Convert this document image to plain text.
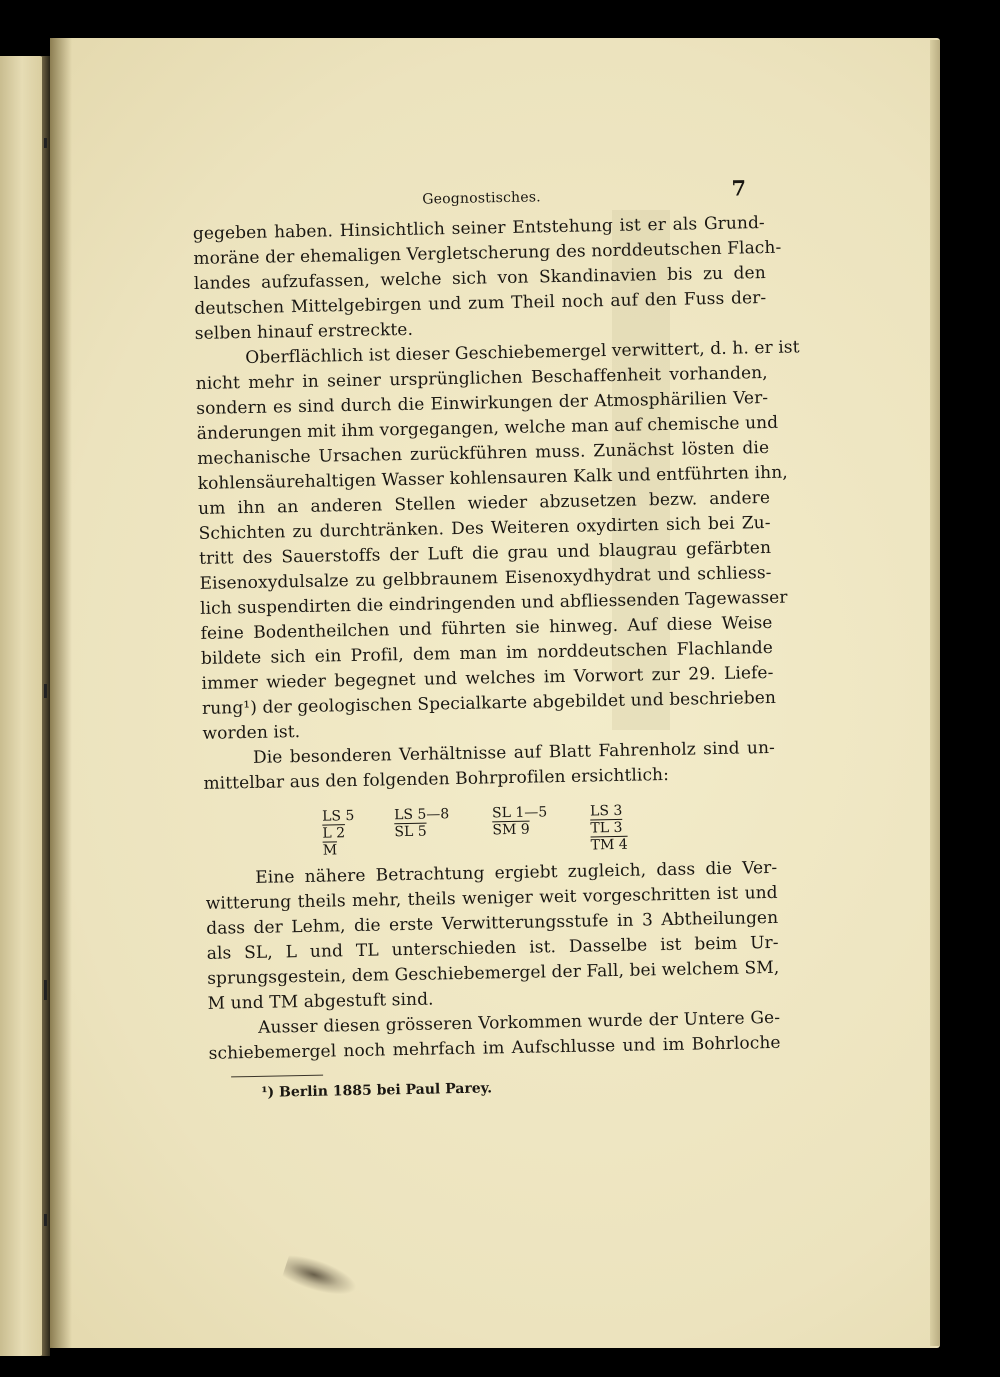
Geognostisches.	7

gegeben haben. Hinsichtlich seiner Entstehung ist er als Grund-
moräne der ehemaligen Vergletscherung des norddeutschen Flach-
landes aufzufassen, welche sich von Skandinavien bis zu den
deutschen Mittelgebirgen und zum Theil noch auf den Fuss der-
selben hinauf erstreckte.

Oberflächlich ist dieser Geschiebemergel verwittert, d. h. er ist
nicht mehr in seiner ursprünglichen Beschaffenheit vorhanden,
sondern es sind durch die Einwirkungen der Atmosphärilien Ver-
änderungen mit ihm vorgegangen, welche man auf chemische und
mechanische Ursachen zurückführen muss. Zunächst lösten die
kohlensäurehaltigen Wasser kohlensauren Kalk und entführten ihn,
um ihn an anderen Stellen wieder abzusetzen bezw. andere
Schichten zu durchtränken. Des Weiteren oxydirten sich bei Zu-
tritt des Sauerstoffs der Luft die grau und blaugrau gefärbten
Eisenoxydulsalze zu gelbbraunem Eisenoxydhydrat und schliess-
lich suspendirten die eindringenden und abfliessenden Tagewasser
feine Bodentheilchen und führten sie hinweg. Auf diese Weise
bildete sich ein Profil, dem man im norddeutschen Flachlande
immer wieder begegnet und welches im Vorwort zur 29. Liefe-
rung¹) der geologischen Specialkarte abgebildet und beschrieben
worden ist.

Die besonderen Verhältnisse auf Blatt Fahrenholz sind un-
mittelbar aus den folgenden Bohrprofilen ersichtlich:

LS 5
L 2
$\overline{M}$
LS 5—8
SL 5
SL 1—5
SM 9
LS 3
TL 3
TM 4

Eine nähere Betrachtung ergiebt zugleich, dass die Ver-
witterung theils mehr, theils weniger weit vorgeschritten ist und
dass der Lehm, die erste Verwitterungsstufe in 3 Abtheilungen
als SL, L und TL unterschieden ist. Dasselbe ist beim Ur-
sprungsgestein, dem Geschiebemergel der Fall, bei welchem SM,
M und TM abgestuft sind.

Ausser diesen grösseren Vorkommen wurde der Untere Ge-
schiebemergel noch mehrfach im Aufschlusse und im Bohrloche

¹) Berlin 1885 bei Paul Parey.
